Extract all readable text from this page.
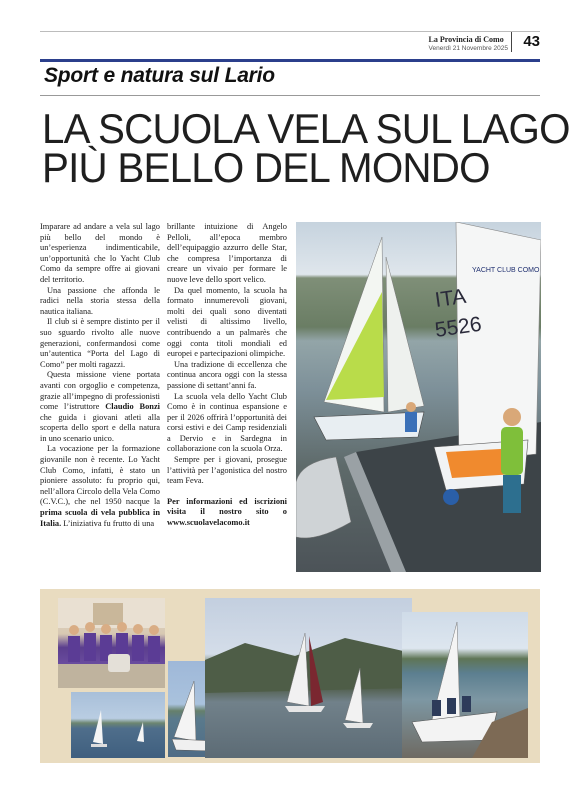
La Provincia di Como
Venerdì 21 Novembre 2025	43
Sport e natura sul Lario
LA SCUOLA VELA SUL LAGO
PIÙ BELLO DEL MONDO

Imparare ad andare a vela sul lago più bello del mondo è un’esperienza indimenticabile, un’opportunità che lo Yacht Club Como da sempre offre ai giovani del territorio.

Una passione che affonda le radici nella storia stessa della nautica italiana.

Il club si è sempre distinto per il suo sguardo rivolto alle nuove generazioni, confermandosi come un’autentica “Porta del Lago di Como” per molti ragazzi.

Questa missione viene portata avanti con orgoglio e competenza, grazie all’impegno di professionisti come l’istruttore Claudio Bonzi che guida i giovani atleti alla scoperta dello sport e della natura in uno scenario unico.

La vocazione per la formazione giovanile non è recente. Lo Yacht Club Como, infatti, è stato un pioniere assoluto: fu proprio qui, nell’allora Circolo della Vela Como (C.V.C.), che nel 1950 nacque la prima scuola di vela pubblica in Italia. L’iniziativa fu frutto di una

brillante intuizione di Angelo Pelloli, all’epoca membro dell’equipaggio azzurro delle Star, che compresa l’importanza di creare un vivaio per formare le nuove leve dello sport velico.

Da quel momento, la scuola ha formato innumerevoli giovani, molti dei quali sono diventati velisti di altissimo livello, contribuendo a un palmarès che oggi conta titoli mondiali ed europei e partecipazioni olimpiche.

Una tradizione di eccellenza che continua ancora oggi con la stessa passione di settant’anni fa.

La scuola vela dello Yacht Club Como è in continua espansione e per il 2026 offrirà l’opportunità dei corsi estivi e dei Camp residenziali a Dervio e in Sardegna in collaborazione con la scuola Orza.

Sempre per i giovani, prosegue l’attività per l’agonistica del nostro team Feva.

Per informazioni ed iscrizioni visita il nostro sito o www.scuolavelacomo.it

YACHT CLUB COMO
ITA
5526
